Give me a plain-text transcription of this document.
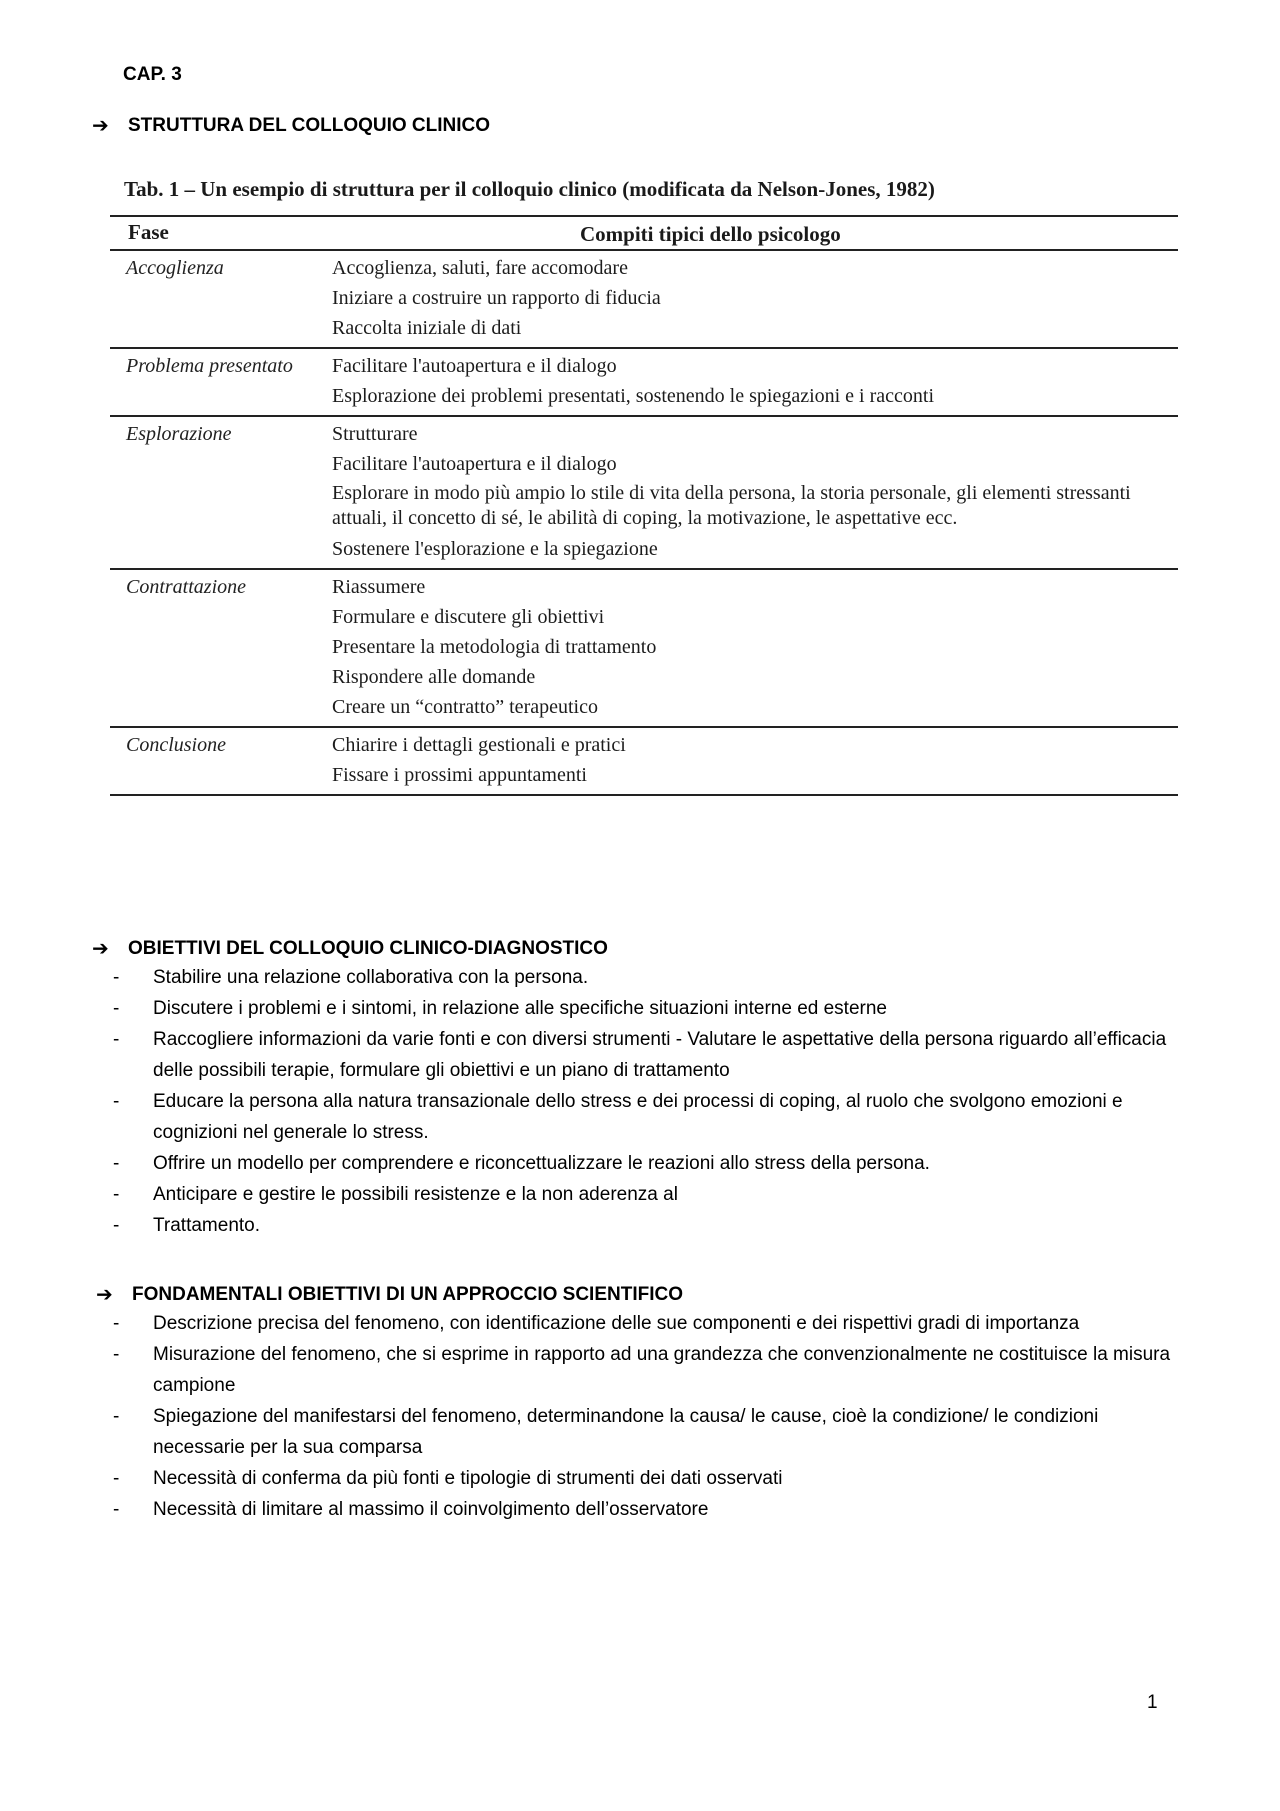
CAP. 3
➔ STRUTTURA DEL COLLOQUIO CLINICO
Tab. 1 – Un esempio di struttura per il colloquio clinico (modificata da Nelson-Jones, 1982)
Fase	Compiti tipici dello psicologo
Accoglienza	Accoglienza, saluti, fare accomodare
Iniziare a costruire un rapporto di fiducia
Raccolta iniziale di dati
Problema presentato	Facilitare l'autoapertura e il dialogo
Esplorazione dei problemi presentati, sostenendo le spiegazioni e i racconti
Esplorazione	Strutturare
Facilitare l'autoapertura e il dialogo
Esplorare in modo più ampio lo stile di vita della persona, la storia personale, gli elementi stressanti attuali, il concetto di sé, le abilità di coping, la motivazione, le aspettative ecc.
Sostenere l'esplorazione e la spiegazione
Contrattazione	Riassumere
Formulare e discutere gli obiettivi
Presentare la metodologia di trattamento
Rispondere alle domande
Creare un “contratto” terapeutico
Conclusione	Chiarire i dettagli gestionali e pratici
Fissare i prossimi appuntamenti
➔ OBIETTIVI DEL COLLOQUIO CLINICO-DIAGNOSTICO
-	Stabilire una relazione collaborativa con la persona.
-	Discutere i problemi e i sintomi, in relazione alle specifiche situazioni interne ed esterne
-	Raccogliere informazioni da varie fonti e con diversi strumenti - Valutare le aspettative della persona riguardo all’efficacia delle possibili terapie, formulare gli obiettivi e un piano di trattamento
-	Educare la persona alla natura transazionale dello stress e dei processi di coping, al ruolo che svolgono emozioni e cognizioni nel generale lo stress.
-	Offrire un modello per comprendere e riconcettualizzare le reazioni allo stress della persona.
-	Anticipare e gestire le possibili resistenze e la non aderenza al
-	Trattamento.
➔ FONDAMENTALI OBIETTIVI DI UN APPROCCIO SCIENTIFICO
-	Descrizione precisa del fenomeno, con identificazione delle sue componenti e dei rispettivi gradi di importanza
-	Misurazione del fenomeno, che si esprime in rapporto ad una grandezza che convenzionalmente ne costituisce la misura campione
-	Spiegazione del manifestarsi del fenomeno, determinandone la causa/ le cause, cioè la condizione/ le condizioni necessarie per la sua comparsa
-	Necessità di conferma da più fonti e tipologie di strumenti dei dati osservati
-	Necessità di limitare al massimo il coinvolgimento dell’osservatore
1
